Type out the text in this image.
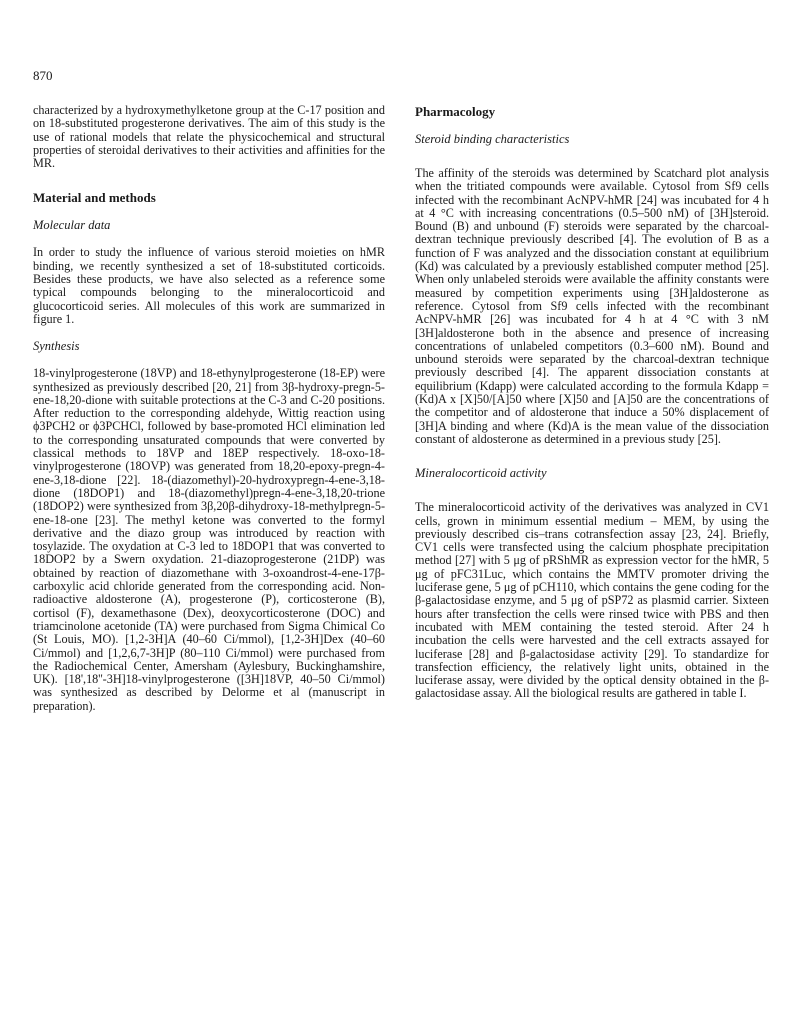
870

characterized by a hydroxymethylketone group at the C-17 position and on 18-substituted progesterone derivatives. The aim of this study is the use of rational models that relate the physicochemical and structural properties of steroidal derivatives to their activities and affinities for the MR.

Material and methods
Molecular data

In order to study the influence of various steroid moieties on hMR binding, we recently synthesized a set of 18-substituted corticoids. Besides these products, we have also selected as a reference some typical compounds belonging to the mineralocorticoid and glucocorticoid series. All molecules of this work are summarized in figure 1.

Synthesis

18-vinylprogesterone (18VP) and 18-ethynylprogesterone (18-EP) were synthesized as previously described [20, 21] from 3β-hydroxy-pregn-5-ene-18,20-dione with suitable protections at the C-3 and C-20 positions. After reduction to the corresponding aldehyde, Wittig reaction using ϕ3PCH2 or ϕ3PCHCl, followed by base-promoted HCl elimination led to the corresponding unsaturated compounds that were converted by classical methods to 18VP and 18EP respectively. 18-oxo-18-vinylprogesterone (18OVP) was generated from 18,20-epoxy-pregn-4-ene-3,18-dione [22]. 18-(diazomethyl)-20-hydroxypregn-4-ene-3,18-dione (18DOP1) and 18-(diazomethyl)pregn-4-ene-3,18,20-trione (18DOP2) were synthesized from 3β,20β-dihydroxy-18-methylpregn-5-ene-18-one [23]. The methyl ketone was converted to the formyl derivative and the diazo group was introduced by reaction with tosylazide. The oxydation at C-3 led to 18DOP1 that was converted to 18DOP2 by a Swern oxydation. 21-diazoprogesterone (21DP) was obtained by reaction of diazomethane with 3-oxoandrost-4-ene-17β-carboxylic acid chloride generated from the corresponding acid. Non-radioactive aldosterone (A), progesterone (P), corticosterone (B), cortisol (F), dexamethasone (Dex), deoxycorticosterone (DOC) and triamcinolone acetonide (TA) were purchased from Sigma Chimical Co (St Louis, MO). [1,2-3H]A (40–60 Ci/mmol), [1,2-3H]Dex (40–60 Ci/mmol) and [1,2,6,7-3H]P (80–110 Ci/mmol) were purchased from the Radiochemical Center, Amersham (Aylesbury, Buckinghamshire, UK). [18',18''-3H]18-vinylprogesterone ([3H]18VP, 40–50 Ci/mmol) was synthesized as described by Delorme et al (manuscript in preparation).

Pharmacology
Steroid binding characteristics

The affinity of the steroids was determined by Scatchard plot analysis when the tritiated compounds were available. Cytosol from Sf9 cells infected with the recombinant AcNPV-hMR [24] was incubated for 4 h at 4 °C with increasing concentrations (0.5–500 nM) of [3H]steroid. Bound (B) and unbound (F) steroids were separated by the charcoal-dextran technique previously described [4]. The evolution of B as a function of F was analyzed and the dissociation constant at equilibrium (Kd) was calculated by a previously established computer method [25]. When only unlabeled steroids were available the affinity constants were measured by competition experiments using [3H]aldosterone as reference. Cytosol from Sf9 cells infected with the recombinant AcNPV-hMR [26] was incubated for 4 h at 4 °C with 3 nM [3H]aldosterone both in the absence and presence of increasing concentrations of unlabeled competitors (0.3–600 nM). Bound and unbound steroids were separated by the charcoal-dextran technique previously described [4]. The apparent dissociation constants at equilibrium (Kdapp) were calculated according to the formula Kdapp = (Kd)A x [X]50/[A]50 where [X]50 and [A]50 are the concentrations of the competitor and of aldosterone that induce a 50% displacement of [3H]A binding and where (Kd)A is the mean value of the dissociation constant of aldosterone as determined in a previous study [25].

Mineralocorticoid activity

The mineralocorticoid activity of the derivatives was analyzed in CV1 cells, grown in minimum essential medium – MEM, by using the previously described cis–trans cotransfection assay [23, 24]. Briefly, CV1 cells were transfected using the calcium phosphate precipitation method [27] with 5 μg of pRShMR as expression vector for the hMR, 5 μg of pFC31Luc, which contains the MMTV promoter driving the luciferase gene, 5 μg of pCH110, which contains the gene coding for the β-galactosidase enzyme, and 5 μg of pSP72 as plasmid carrier. Sixteen hours after transfection the cells were rinsed twice with PBS and then incubated with MEM containing the tested steroid. After 24 h incubation the cells were harvested and the cell extracts assayed for luciferase [28] and β-galactosidase activity [29]. To standardize for transfection efficiency, the relatively light units, obtained in the luciferase assay, were divided by the optical density obtained in the β-galactosidase assay. All the biological results are gathered in table I.
